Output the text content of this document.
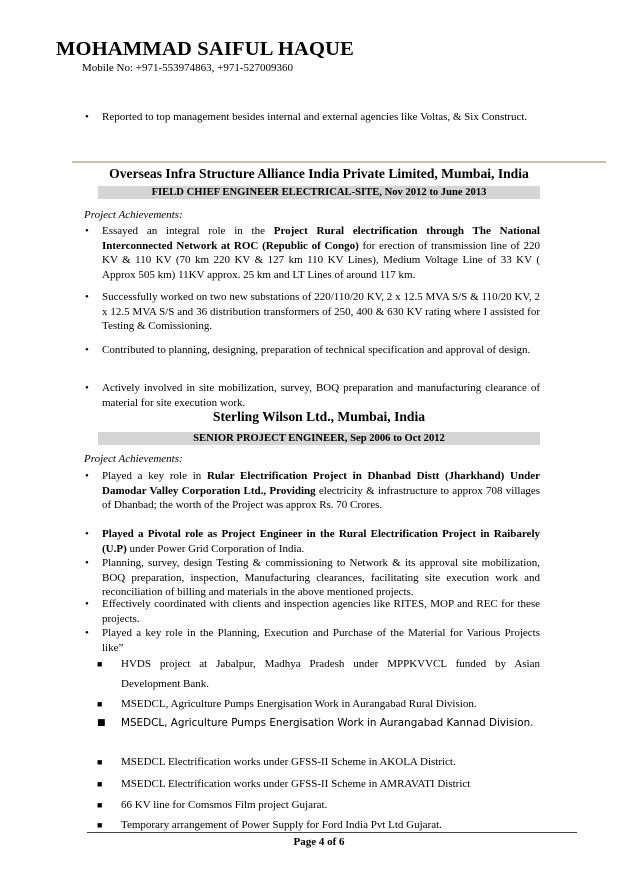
MOHAMMAD SAIFUL HAQUE
Mobile No: +971-553974863, +971-527009360
• Reported to top management besides internal and external agencies like Voltas, & Six Construct.
Overseas Infra Structure Alliance India Private Limited, Mumbai, India
FIELD CHIEF ENGINEER ELECTRICAL-SITE, Nov 2012 to June 2013
Project Achievements:
• Essayed an integral role in the Project Rural electrification through The National Interconnected Network at ROC (Republic of Congo) for erection of transmission line of 220 KV & 110 KV (70 km 220 KV & 127 km 110 KV Lines), Medium Voltage Line of 33 KV ( Approx 505 km) 11KV approx. 25 km and LT Lines of around 117 km.
• Successfully worked on two new substations of 220/110/20 KV, 2 x 12.5 MVA S/S & 110/20 KV, 2 x 12.5 MVA S/S and 36 distribution transformers of 250, 400 & 630 KV rating where I assisted for Testing & Comissioning.
• Contributed to planning, designing, preparation of technical specification and approval of design.
• Actively involved in site mobilization, survey, BOQ preparation and manufacturing clearance of material for site execution work.
Sterling Wilson Ltd., Mumbai, India
SENIOR PROJECT ENGINEER, Sep 2006 to Oct 2012
Project Achievements:
• Played a key role in Rular Electrification Project in Dhanbad Distt (Jharkhand) Under Damodar Valley Corporation Ltd., Providing electricity & infrastructure to approx 708 villages of Dhanbad; the worth of the Project was approx Rs. 70 Crores.
• Played a Pivotal role as Project Engineer in the Rural Electrification Project in Raibarely (U.P) under Power Grid Corporation of India.
• Planning, survey, design Testing & commissioning to Network & its approval site mobilization, BOQ preparation, inspection, Manufacturing clearances, facilitating site execution work and reconciliation of billing and materials in the above mentioned projects.
• Effectively coordinated with clients and inspection agencies like RITES, MOP and REC for these projects.
• Played a key role in the Planning, Execution and Purchase of the Material for Various Projects like”
■ HVDS project at Jabalpur, Madhya Pradesh under MPPKVVCL funded by Asian Development Bank.
■ MSEDCL, Agriculture Pumps Energisation Work in Aurangabad Rural Division.
■ MSEDCL, Agriculture Pumps Energisation Work in Aurangabad Kannad Division.
■ MSEDCL Electrification works under GFSS-II Scheme in AKOLA District.
■ MSEDCL Electrification works under GFSS-II Scheme in AMRAVATI District
■ 66 KV line for Comsmos Film project Gujarat.
■ Temporary arrangement of Power Supply for Ford India Pvt Ltd Gujarat.
Page 4 of 6
